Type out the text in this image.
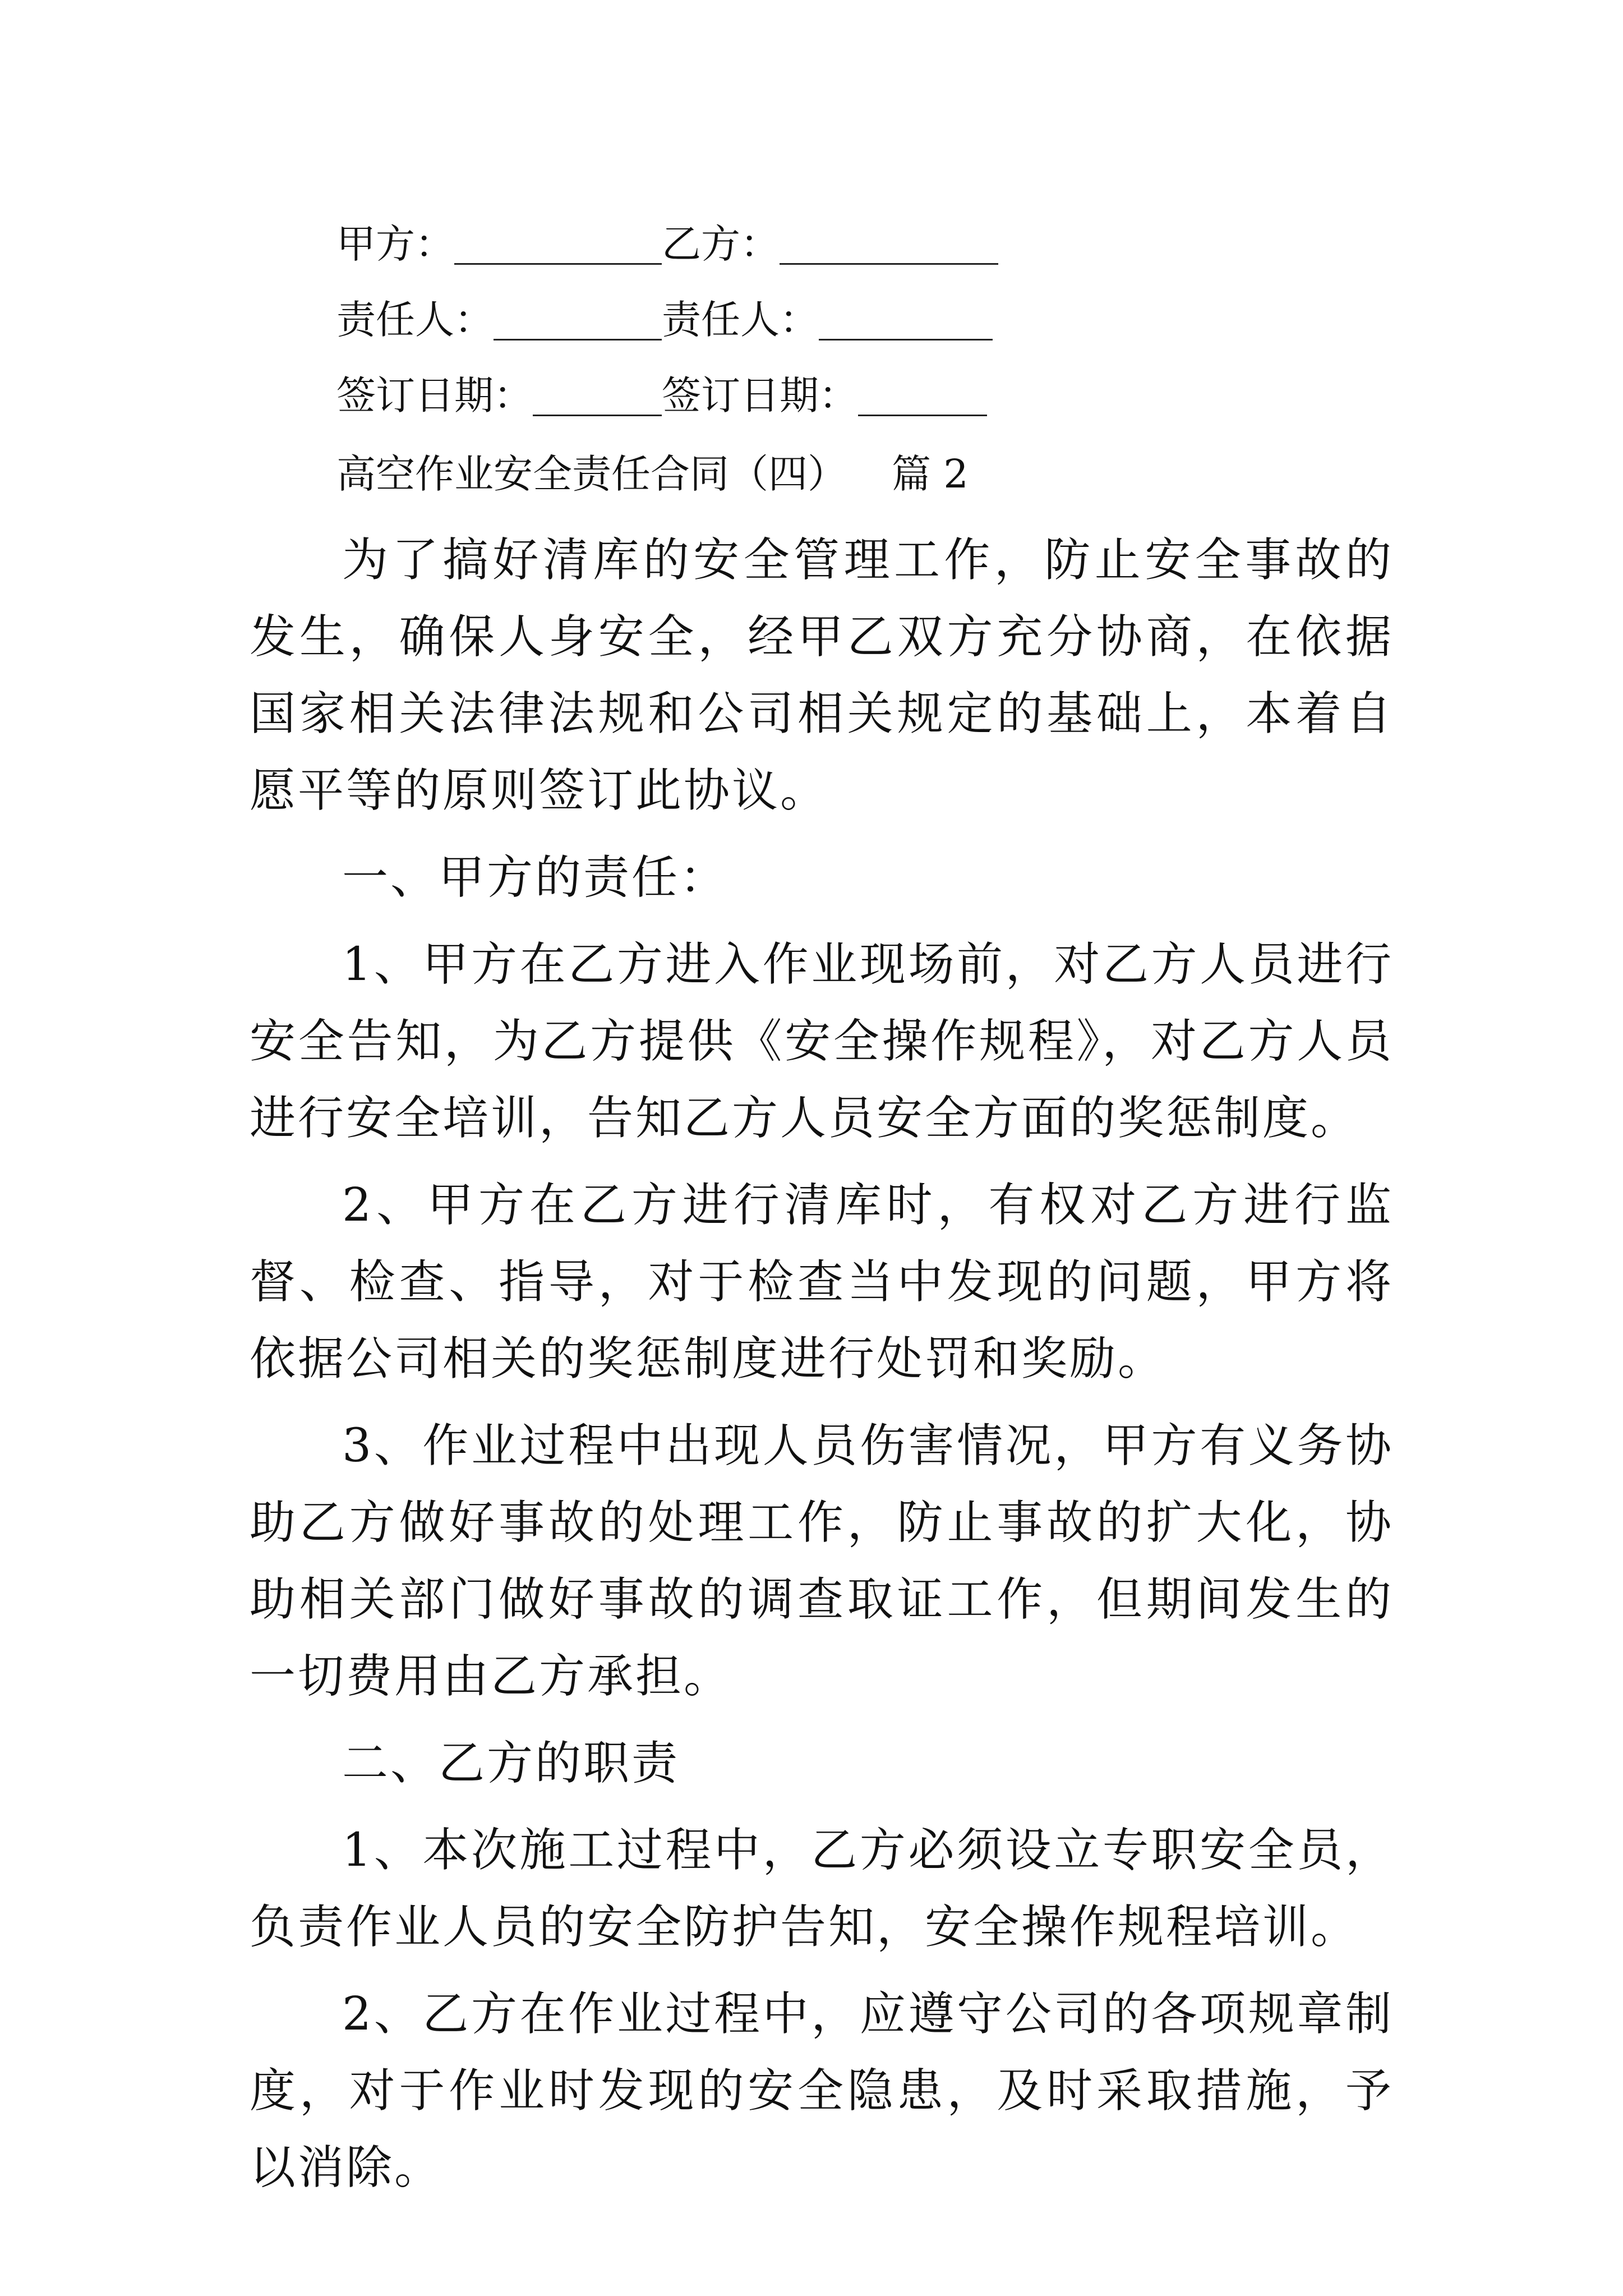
甲方：	乙方：
责任人：	责任人：
签订日期：	签订日期：
高空作业安全责任合同（四） 篇 2

为了搞好清库的安全管理工作，防止安全事故的发生，确保人身安全，经甲乙双方充分协商，在依据国家相关法律法规和公司相关规定的基础上，本着自愿平等的原则签订此协议。

一、甲方的责任：

1、甲方在乙方进入作业现场前，对乙方人员进行安全告知，为乙方提供《安全操作规程》，对乙方人员进行安全培训，告知乙方人员安全方面的奖惩制度。

2、甲方在乙方进行清库时，有权对乙方进行监督、检查、指导，对于检查当中发现的问题，甲方将依据公司相关的奖惩制度进行处罚和奖励。

3、作业过程中出现人员伤害情况，甲方有义务协助乙方做好事故的处理工作，防止事故的扩大化，协助相关部门做好事故的调查取证工作，但期间发生的一切费用由乙方承担。

二、乙方的职责

1、本次施工过程中，乙方必须设立专职安全员，负责作业人员的安全防护告知，安全操作规程培训。

2、乙方在作业过程中，应遵守公司的各项规章制度，对于作业时发现的安全隐患，及时采取措施，予以消除。
